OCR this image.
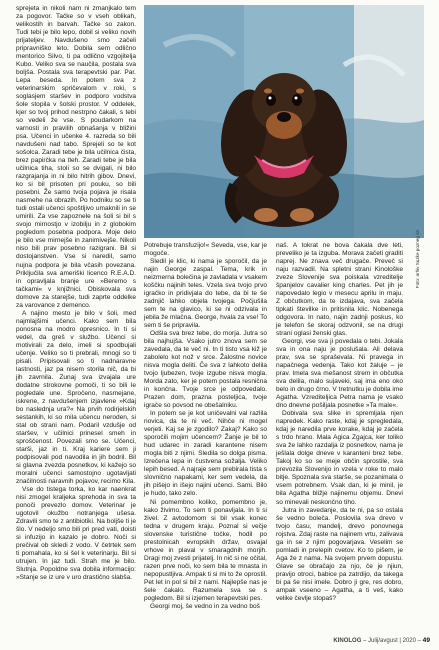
sprejeta in nikoli nam ni zmanjkalo tem za pogovor. Tačke so v vseh oblikah, velikostih in barvah. Tačke so zakon. Tudi tebi je bilo lepo, dobil si veliko novih prijateljev. Navdušeno smo začeli pripravniško leto. Dobila sem odlično mentorico Silvo, ti pa odlično vzgojitelja Kubo. Veliko sva se naučila, postala sva boljša. Postala sva terapevtski par. Par. Lepa beseda. In potem sva z veterinarskim spričevalom v roki, s soglasjem staršev in podporo vodstva šole stopila v šolski prostor. V oddelek, kjer so tvoj prihod nestrpno čakali, s tebi so vedeli že vse. S poudarkom na varnosti in pravilih obnašanja v bližini psa. Učenci in učenke 4. razreda so bili navdušeni nad tabo. Sprejeli so te kot sošolca. Zaradi tebe je bila učilnica čista, brez papirčka na tleh. Zaradi tebe je bila učilnica tiha, stoli so se dvigali, ni bilo razgrajanja in ni bilo hitrih gibov. Dnevi, ko si bil prisoten pri pouku, so bili posebni. Že samo tvoja pojava je risala nasmehe na obrazih. Po hodniku so se ti tudi ostali učenci spoštljivo umaknili in se umirili. Za vse zapoznele na šoli si bil s svojo mirnostjo v izobilju in z globokim pogledom posebna podpora. Moje delo je bilo vse mirnejše in zanimivejše. Nikoli niso bili prav posebno razigrani. Bil si dostojanstven. Vse si naredil, samo nujna podpora je bila včasih povezana. Priključila sva ameriški licenco R.E.A.D. in opravljala branje ure »Beremo s tačkami« v knjižnici. Obiskovala sva domove za starejše, tudi zaprte oddelke za varovance z demenco.

A najino mesto je bilo v šoli, med najmlajšimi učenci. Kako sem bila ponosna na modro opresnico. In ti si vedel, da greš v službo. Učenci si motivirali za delo, imeli si spodbujali učenje. Veliko so ti prebrali, mnogi so ti pisali. Pripisovali so ti nadnaravne lastnosti, jaz pa nisem storila nič, da bi jih zavrnila. Zunaj sva izvajala ure dodatne strokovne pomoči, ti so bili le pogledale une. Spročeno, nasmejane, iskrene, z navdušenjem izjavlene »Kdaj bo naslednja ura?« Na prvih rodirjelskih sestankih, ki so mila učencu neroden, si stal ob strani nam. Podaril vzdušje od staršev, v učilnici prinesel smeh in sproščenost. Povezali smo se. Učenci, starši, jaz in ti. Kraj kariere sem ji podpisovali pod navodila in jih bodril. Bil si glavna zvezda posnetkov, ki kažejo so moralni učenci samostojno ugotavljati značilnosti naravnih pojavov, recimo Kila.

Vse do tistega torka, ko kar naenkrat nisi zmogel kraljeka sprehoda in sva ta ponoči prevezlo domov. Veterinar je ugotovil okužbo notranjega ušesa. Zdravili smo te z antibiotiki. Na boljše ti je šlo. V nedeljo smo bili pri pred vati, doisti si infuzijo in kazalo je dobro. Noči si prečival ob skledi z vodo. V četrtek sem ti pomahala, ko si šel k veterinarju. Bil si utrujen. In jaz tudi. Strah me je bilo. Slutnja. Popoldne sva dobila informacijo: »Stanje se iz ure v uro drastično slabša.

Foto: arhiv Suzke pozneg će

Potrebuje transfuzijo!« Seveda, vse, kar je mogoče.

Sledil je klic, ki nama je sporočil, da je najin George zaspal. Tema, krik in neizmerna bolečina je zavladala v vsakem koščku najinih teles. Vzela sva tvojo prvo igračko in pridivjala do tebe, da bi te še zadnjič lahko objela tvojega. Počjušila sem te na glavico, ki se ni odzivala in jebila že mlačna. George, hvala za vse! To sem ti še pripravila.

Odšla sva brez tebe, do morja. Jutra so bila najhujša. Vsako jutro znova sem se zavedala, da te več ni. In ti tisto vsa kiž je zabolelo kot nož v srce. Žalostne novice nisva mogla deliti. Če sva z lahkoto delila tvojo ljubezen, tvoje izgube nisva mogla. Morda zato, ker je potem postala resnična in končna. Tvoje srce je odpovedalo. Prazen dom, prazna posteljica, tvoje igrače so povsod ne obešalniku.

In potem se je kot uničevalni val razlila novica, da te ni več. Nihče ni mogel verjeti. Kaj se je zgodilo? Zakaj? Kako so sporočili mojim učencem? Žanje je bil to hud udarec in zaradi karantene nisem mogla biti z njimi. Sledila so dolga pisma. Izrečena lepa in čustvena sožalja. Veliko lepih besed. A najraje sem prebirala tista s slovnično napakami, ker sem vedela, da jih pišejo in išejo najini učenci. Sami. Bilo je hudo, tako zelo.

Ni pomembno koliko, pomembno je, kako živimo. To sem ti ponavljala. In ti si živel. Z avtodomom si bil vsak konec tedna v drugem kraju. Poznal si večje slovenske turistične točke, hodil po prestolnicah evropskih držav, osvajal vrhove in plaval v smaragdnih morjih. Dragi moj zvesti prijatelj. In nič si ne očital, razen prve noči, ko sem bila te mnasta in nepopustljiva. Ampak ti si mi to že oprostil. Pet let in pol si bil z nami. Najlepše nas je šele čakalo. Razumela sva se s pogledom. Bil si izjemen terapevtski pes.

Georgi moj, še vedno in za vedno boš

naš. A tokrat ne bova čakala dve leti, preveliko je ta izguba. Morava začeti graditi naprej. Ne znava več drugače. Preveč si naju razvadil. Na spletni strani Kinološke zveze Slovenije sva poiskala vzreditelje španjelov cavalier king charles. Pet jih je napovedalo legio v mesecu aprilu in maju. Z občutkom, da te izdajava, sva začela tipkati številke in pritisnila klic. Nobenega odgovora. In nato, najin zadnji poskus, ko je telefon še skoraj odzvonil, se na drugi strani oglasi ženski glas.

Georgi, vse sva ji povedala o tebi. Jokala sva in ona naju je poslušala. Ali delava prav, sva se spraševala. Ni pravega in napačnega vedenja. Tako kot žaluje – je prav. Imela sva mešanost strem in občutka sva delila, malo sujaveki, saj ima eno oko belo in drugo črno. V tretnutku je dobila ime Agatha. Vzrediteljica Petra nama je vsako dno dnevne pošiljala posnetke »Ta male«.

Dobivala sva slike in spremljala njen napredek. Kako raste, kdaj je spregledala, kdaj je naredila prve korake, kdaj je začela s trdo hrano. Mala Agica Zgajca, ker toliko sva že lahko razdalja iz posnetkov, nama je ješlala dolge dneve v karanteni brez tebe. Takoj ko so se meje občin sprostile, sva prevozila Slovenijo in vzela v roke to malo bitje. Spoznala sva starše, se pozanimala o vsem potrebnem. Vsak dan, ki je minil, je bila Agatha bližje najinemu objemu. Dnevi so minevali neskončno tiho.

Jutra in zavedanje, da te ni, pa so ostala še vedno boleča. Poslovila sva drevo v tvojo času, mandelj, drevo ponovnega rojstva. Zdaj raste na najinem vrtu, zalivava ga in se z njim pogovarjava. Veselim se pomladi in prelepih cvetov. Ko to pišem, je Aga že z nama. Na svojem prvem dopustu. Glave se obračajo za njo, če je njiun, pravijo otroci, babice pa zatrdijo, da takega bi pa še nisi imele. Dobro ji gre, res dobro, ampak vseeno – Agatha, a ti veš, kako velike čevlje stopaš?

KINOLOG – Julij/avgust | 2020 – 49
